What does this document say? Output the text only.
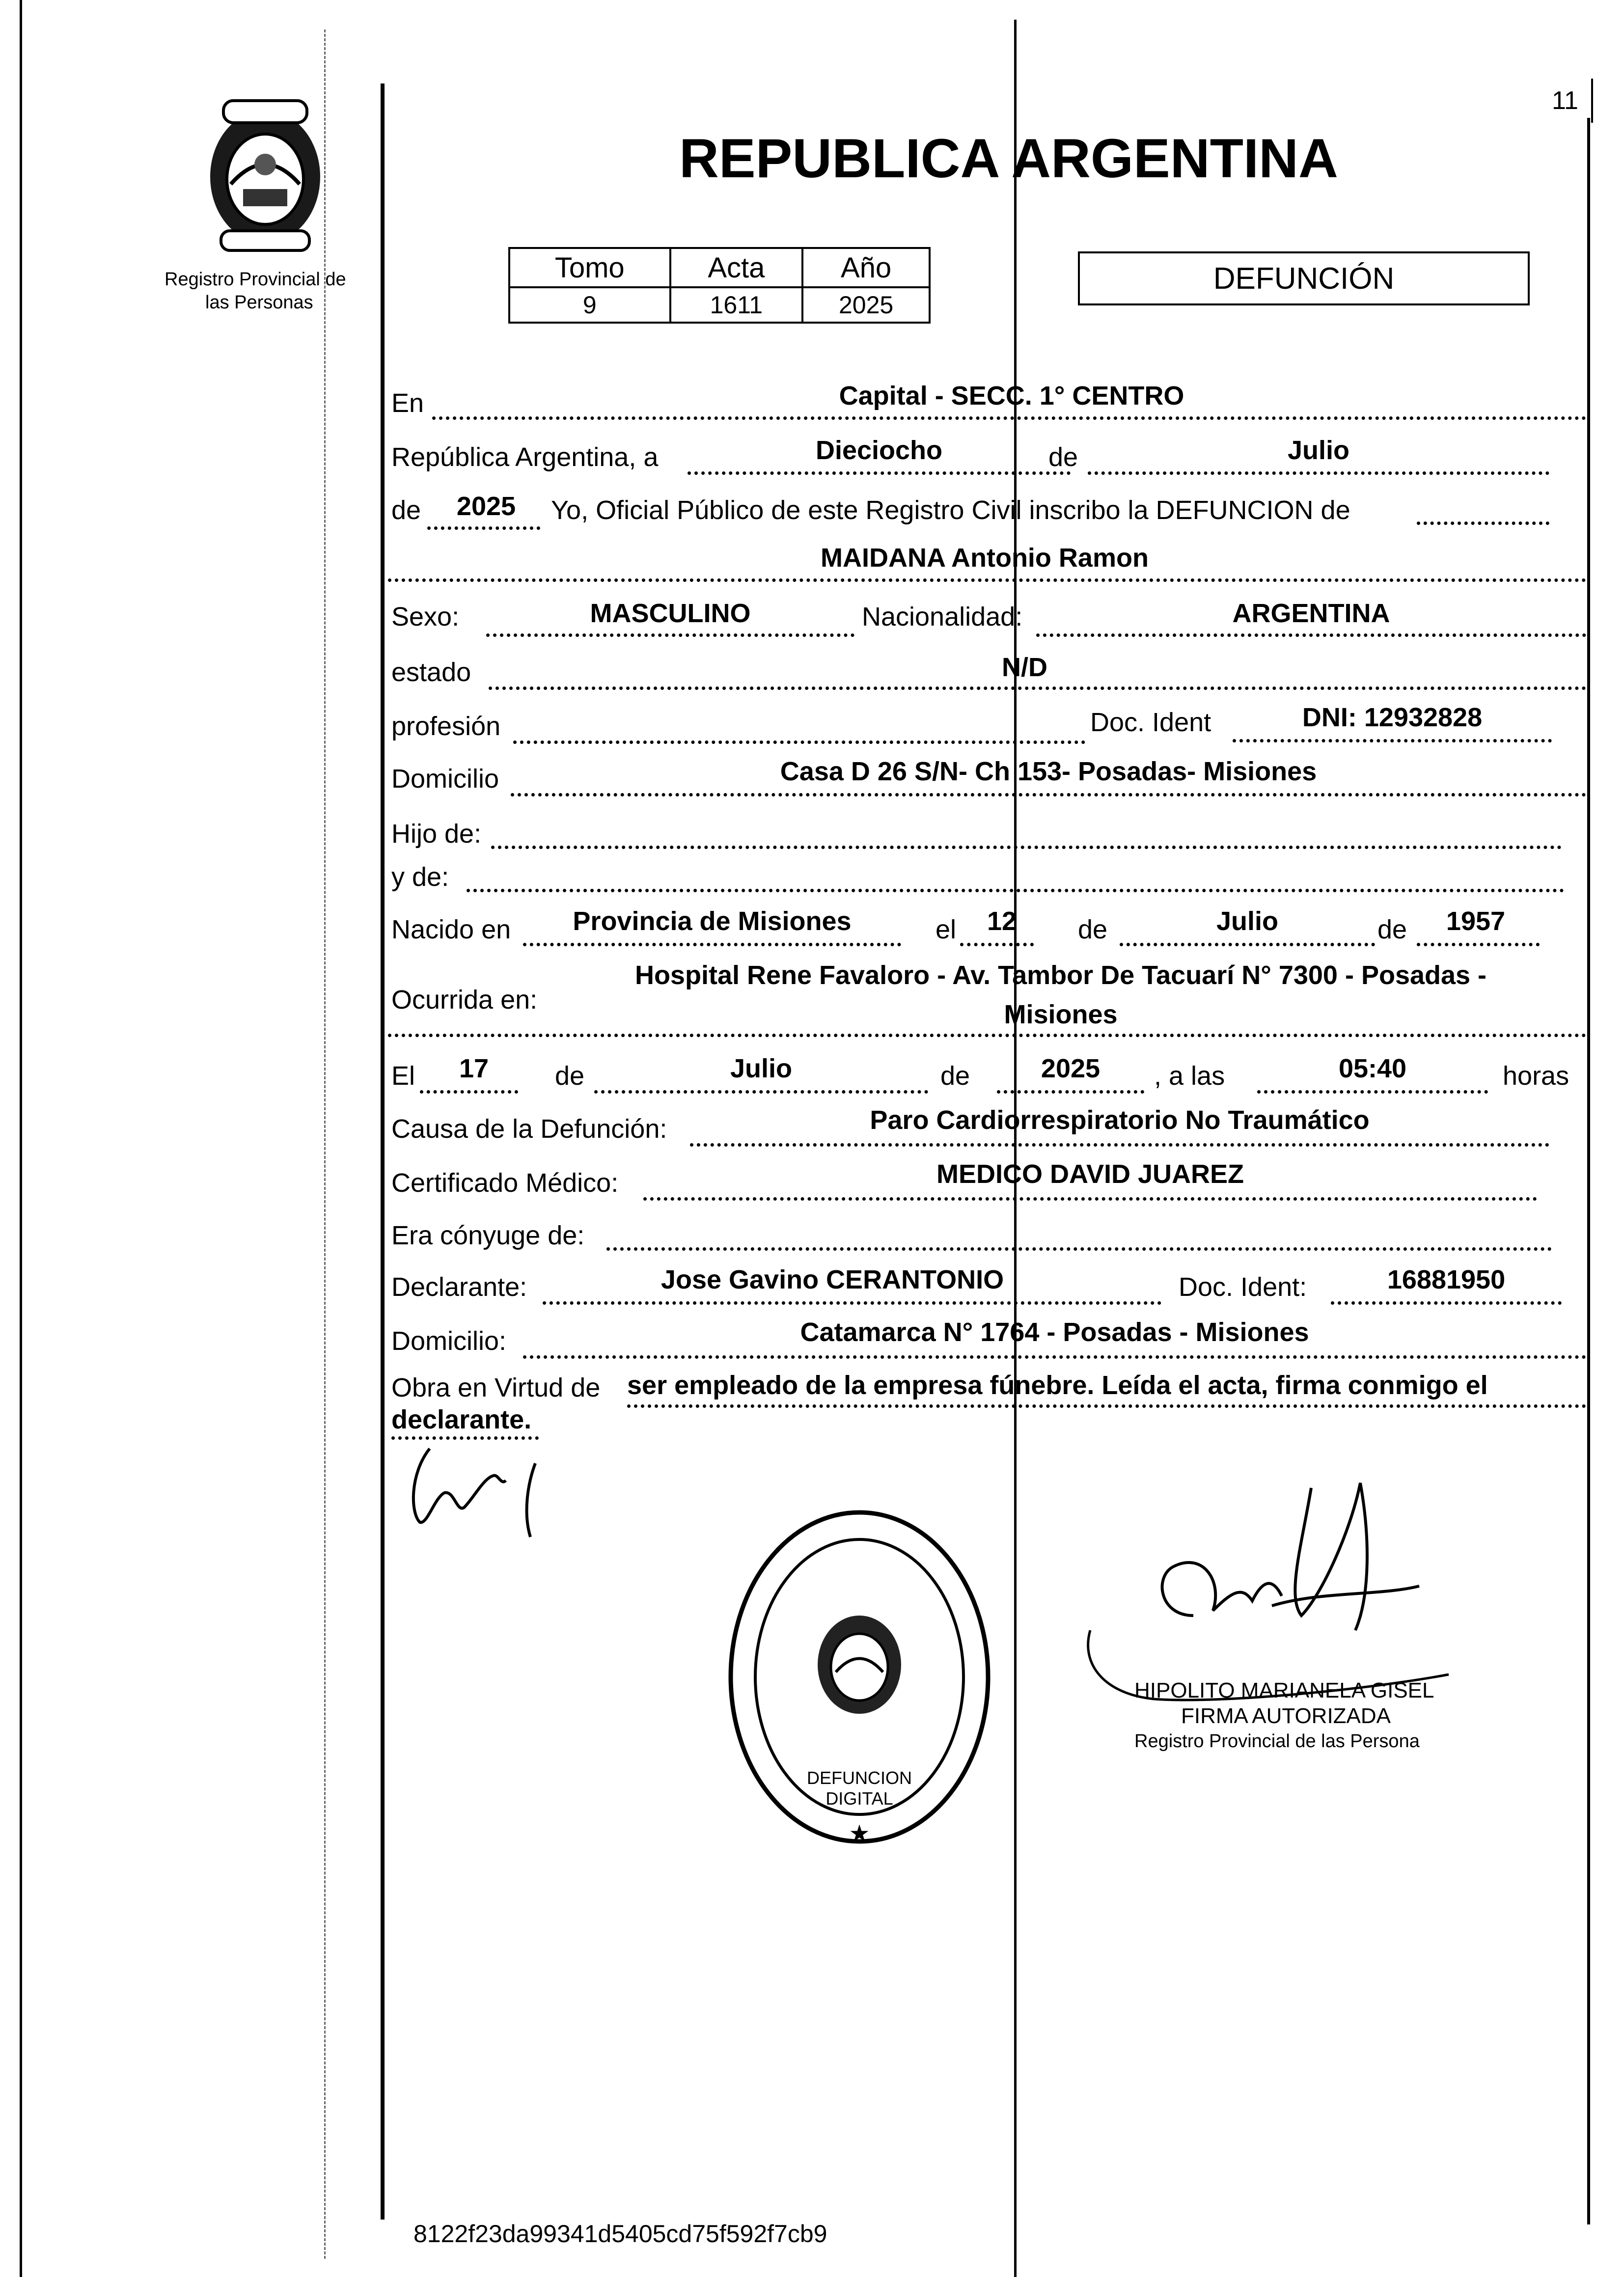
11
Registro Provincial de
las Personas
REPUBLICA ARGENTINA
Tomo	Acta	Año
9	1611	2025
DEFUNCIÓN
En	Capital - SECC. 1° CENTRO
República Argentina, a	Dieciocho	de	Julio
de	2025	Yo, Oficial Público de este Registro Civil inscribo la DEFUNCION de
MAIDANA Antonio Ramon
Sexo:	MASCULINO	Nacionalidad:	ARGENTINA
estado	N/D
profesión	Doc. Ident	DNI: 12932828
Domicilio	Casa D 26 S/N- Ch 153- Posadas- Misiones
Hijo de:
y de:
Nacido en	Provincia de Misiones	el	12	de	Julio	de	1957
Ocurrida en:
Hospital Rene Favaloro - Av. Tambor De Tacuarí N° 7300 - Posadas -
Misiones
El	17	de	Julio	de	2025	, a las	05:40	horas
Causa de la Defunción:	Paro Cardiorrespiratorio No Traumático
Certificado Médico:	MEDICO DAVID JUAREZ
Era cónyuge de:
Declarante:	Jose Gavino CERANTONIO	Doc. Ident:	16881950
Domicilio:	Catamarca N° 1764 - Posadas - Misiones
Obra en Virtud de ser empleado de la empresa fúnebre. Leída el acta, firma conmigo el
declarante.
★
DEFUNCION DIGITAL
HIPOLITO MARIANELA GISEL
FIRMA AUTORIZADA
Registro Provincial de las Persona
8122f23da99341d5405cd75f592f7cb9
